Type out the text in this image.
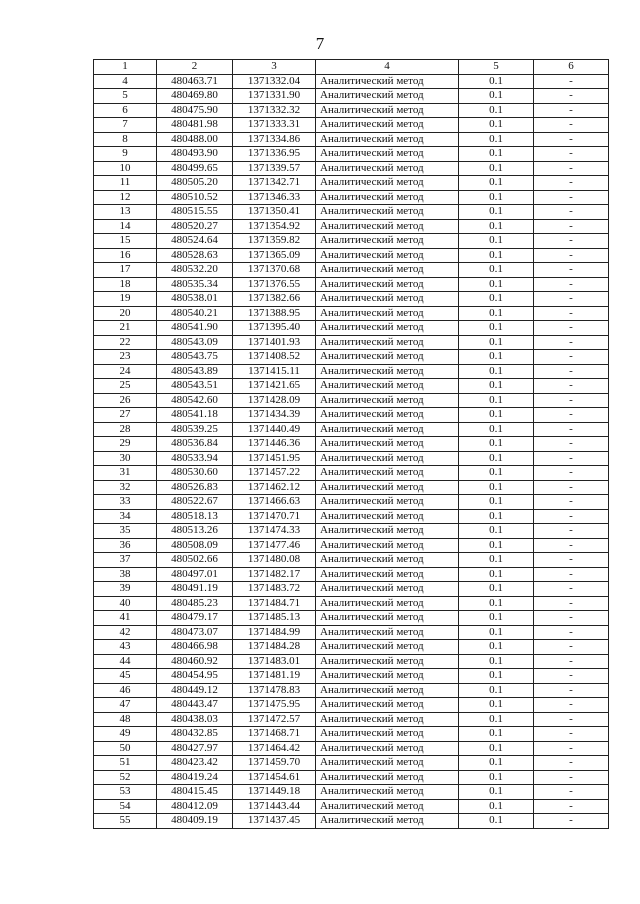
7
1	2	3	4	5	6
4	480463.71	1371332.04	Аналитический метод	0.1	-
5	480469.80	1371331.90	Аналитический метод	0.1	-
6	480475.90	1371332.32	Аналитический метод	0.1	-
7	480481.98	1371333.31	Аналитический метод	0.1	-
8	480488.00	1371334.86	Аналитический метод	0.1	-
9	480493.90	1371336.95	Аналитический метод	0.1	-
10	480499.65	1371339.57	Аналитический метод	0.1	-
11	480505.20	1371342.71	Аналитический метод	0.1	-
12	480510.52	1371346.33	Аналитический метод	0.1	-
13	480515.55	1371350.41	Аналитический метод	0.1	-
14	480520.27	1371354.92	Аналитический метод	0.1	-
15	480524.64	1371359.82	Аналитический метод	0.1	-
16	480528.63	1371365.09	Аналитический метод	0.1	-
17	480532.20	1371370.68	Аналитический метод	0.1	-
18	480535.34	1371376.55	Аналитический метод	0.1	-
19	480538.01	1371382.66	Аналитический метод	0.1	-
20	480540.21	1371388.95	Аналитический метод	0.1	-
21	480541.90	1371395.40	Аналитический метод	0.1	-
22	480543.09	1371401.93	Аналитический метод	0.1	-
23	480543.75	1371408.52	Аналитический метод	0.1	-
24	480543.89	1371415.11	Аналитический метод	0.1	-
25	480543.51	1371421.65	Аналитический метод	0.1	-
26	480542.60	1371428.09	Аналитический метод	0.1	-
27	480541.18	1371434.39	Аналитический метод	0.1	-
28	480539.25	1371440.49	Аналитический метод	0.1	-
29	480536.84	1371446.36	Аналитический метод	0.1	-
30	480533.94	1371451.95	Аналитический метод	0.1	-
31	480530.60	1371457.22	Аналитический метод	0.1	-
32	480526.83	1371462.12	Аналитический метод	0.1	-
33	480522.67	1371466.63	Аналитический метод	0.1	-
34	480518.13	1371470.71	Аналитический метод	0.1	-
35	480513.26	1371474.33	Аналитический метод	0.1	-
36	480508.09	1371477.46	Аналитический метод	0.1	-
37	480502.66	1371480.08	Аналитический метод	0.1	-
38	480497.01	1371482.17	Аналитический метод	0.1	-
39	480491.19	1371483.72	Аналитический метод	0.1	-
40	480485.23	1371484.71	Аналитический метод	0.1	-
41	480479.17	1371485.13	Аналитический метод	0.1	-
42	480473.07	1371484.99	Аналитический метод	0.1	-
43	480466.98	1371484.28	Аналитический метод	0.1	-
44	480460.92	1371483.01	Аналитический метод	0.1	-
45	480454.95	1371481.19	Аналитический метод	0.1	-
46	480449.12	1371478.83	Аналитический метод	0.1	-
47	480443.47	1371475.95	Аналитический метод	0.1	-
48	480438.03	1371472.57	Аналитический метод	0.1	-
49	480432.85	1371468.71	Аналитический метод	0.1	-
50	480427.97	1371464.42	Аналитический метод	0.1	-
51	480423.42	1371459.70	Аналитический метод	0.1	-
52	480419.24	1371454.61	Аналитический метод	0.1	-
53	480415.45	1371449.18	Аналитический метод	0.1	-
54	480412.09	1371443.44	Аналитический метод	0.1	-
55	480409.19	1371437.45	Аналитический метод	0.1	-
